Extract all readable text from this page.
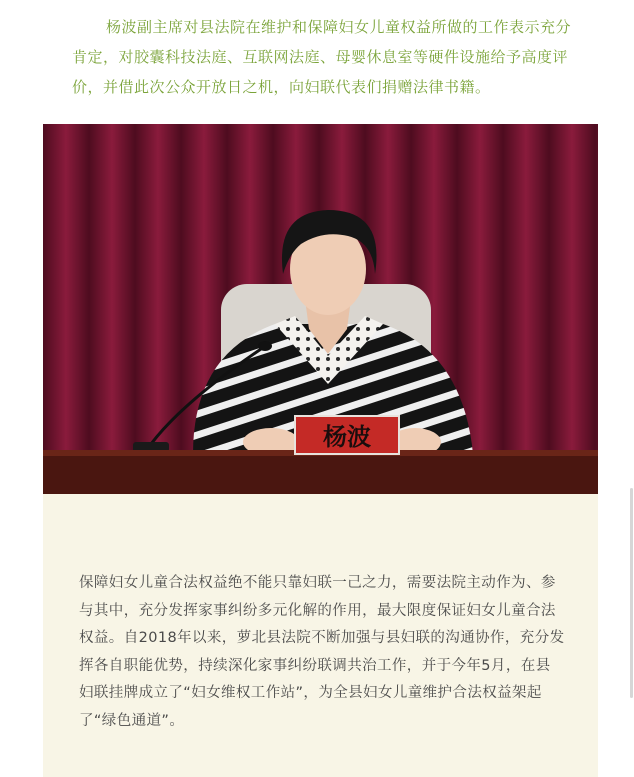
杨波副主席对县法院在维护和保障妇女儿童权益所做的工作表示充分肯定，对胶囊科技法庭、互联网法庭、母婴休息室等硬件设施给予高度评价，并借此次公众开放日之机，向妇联代表们捐赠法律书籍。

杨波

保障妇女儿童合法权益绝不能只靠妇联一己之力，需要法院主动作为、参与其中，充分发挥家事纠纷多元化解的作用，最大限度保证妇女儿童合法权益。自2018年以来，萝北县法院不断加强与县妇联的沟通协作，充分发挥各自职能优势，持续深化家事纠纷联调共治工作，并于今年5月，在县妇联挂牌成立了“妇女维权工作站”，为全县妇女儿童维护合法权益架起了“绿色通道”。
